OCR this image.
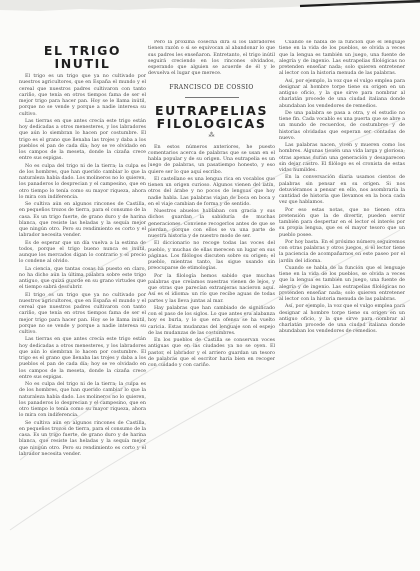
EL TRIGO INUTIL

El trigo es un trigo que ya no cultivado por nuestros agricultores, que en España el mundo y el cereal que nuestros padres cultivaron con tanto cariño, que tenía en otros tiempos fama de ser el mejor trigo para hacer pan. Hoy se le llama inútil, porque no se vende y porque a nadie interesa su cultivo.

Las tierras en que antes crecía este trigo están hoy dedicadas a otros menesteres, y los labradores que aún lo siembran lo hacen por costumbre. El trigo es el grano que llenaba las trojes y daba a los pueblos el pan de cada día; hoy se ve olvidado en los campos de la meseta, donde la cizaña crece entre sus espigas.

No es culpa del trigo ni de la tierra; la culpa es de los hombres, que han querido cambiar lo que la naturaleza había dado. Los molineros no lo quieren, los panaderos lo desprecian y el campesino, que en otro tiempo lo tenía como su mayor riqueza, ahora lo mira con indiferencia.

Se cultiva aún en algunos rincones de Castilla, en pequeños trozos de tierra, para el consumo de la casa. Es un trigo fuerte, de grano duro y de harina blanca, que resiste las heladas y la sequía mejor que ningún otro. Pero su rendimiento es corto y el labrador necesita vender.

Es de esperar que un día vuelva a la estima de todos, porque el trigo bueno nunca es inútil, aunque los mercados digan lo contrario y el precio lo condene al olvido.

La ciencia, que tantas cosas ha puesto en claro, no ha dicho aún la última palabra sobre este trigo antiguo, que quizá guarde en su grano virtudes que el tiempo sabrá descubrir.

El trigo es un trigo que ya no cultivado por nuestros agricultores, que en España el mundo y el cereal que nuestros padres cultivaron con tanto cariño, que tenía en otros tiempos fama de ser el mejor trigo para hacer pan. Hoy se le llama inútil, porque no se vende y porque a nadie interesa su cultivo.

Las tierras en que antes crecía este trigo están hoy dedicadas a otros menesteres, y los labradores que aún lo siembran lo hacen por costumbre. El trigo es el grano que llenaba las trojes y daba a los pueblos el pan de cada día; hoy se ve olvidado en los campos de la meseta, donde la cizaña crece entre sus espigas.

No es culpa del trigo ni de la tierra; la culpa es de los hombres, que han querido cambiar lo que la naturaleza había dado. Los molineros no lo quieren, los panaderos lo desprecian y el campesino, que en otro tiempo lo tenía como su mayor riqueza, ahora lo mira con indiferencia.

Se cultiva aún en algunos rincones de Castilla, en pequeños trozos de tierra, para el consumo de la casa. Es un trigo fuerte, de grano duro y de harina blanca, que resiste las heladas y la sequía mejor que ningún otro. Pero su rendimiento es corto y el labrador necesita vender.

Pero la próxima cosecha dirá si los labradores tienen razón o si se equivocan al abandonar lo que sus padres les enseñaron. Entretanto, el trigo inútil seguirá creciendo en los rincones olvidados, esperando que alguien se acuerde de él y le devuelva el lugar que merece.

FRANCISCO DE COSSIO
EUTRAPELIAS FILOLOGICAS
⁂

En estos números anteriores, he puesto comentarios acerca de palabras que se usan en el habla popular y de su origen. Una eutrapelia es un juego de palabras, un pasatiempo honesto, y eso quiere ser lo que aquí escribo.

El castellano es una lengua rica en vocablos que tienen un origen curioso. Algunos vienen del latín, otros del árabe y no pocos de lenguas que hoy nadie habla. Las palabras viajan de boca en boca y en el viaje cambian de forma y de sentido.

Nuestros abuelos hablaban con gracia y sus dichos guardan la sabiduría de muchas generaciones. Conviene recogerlos antes de que se pierdan, porque con ellos se va una parte de nuestra historia y de nuestro modo de ser.

El diccionario no recoge todas las voces del pueblo, y muchas de ellas merecen un lugar en sus páginas. Los filólogos discuten sobre su origen; el pueblo, mientras tanto, las sigue usando sin preocuparse de etimologías.

Por la filología hemos sabido que muchas palabras que creíamos nuestras vienen de lejos, y que otras que parecían extranjeras nacieron aquí. Así es el idioma: un río que recibe aguas de todas partes y las lleva juntas al mar.

Hay palabras que han cambiado de significado con el paso de los siglos. Lo que antes era alabanza hoy es burla, y lo que era ofensa se ha vuelto caricia. Estas mudanzas del lenguaje son el espejo de las mudanzas de las costumbres.

En los pueblos de Castilla se conservan voces antiguas que en las ciudades ya no se oyen. El pastor, el labrador y el arriero guardan un tesoro de palabras que el escritor haría bien en recoger con cuidado y con cariño.

Cuando se habla de la función que el lenguaje tiene en la vida de los pueblos, se olvida a veces que la lengua es también un juego, una fuente de alegría y de ingenio. Las eutrapelias filológicas no pretenden enseñar nada; solo quieren entretener al lector con la historia menuda de las palabras.

Así, por ejemplo, la voz que el vulgo emplea para designar al hombre torpe tiene su origen en un antiguo oficio, y la que sirve para nombrar al charlatán procede de una ciudad italiana donde abundaban los vendedores de remedios.

De una palabra se pasa a otra, y el estudio no tiene fin. Cada vocablo es una puerta que se abre a un mundo de recuerdos, de costumbres y de historias olvidadas que esperan ser contadas de nuevo.

Las palabras nacen, viven y mueren como los hombres. Algunas tienen una vida larga y gloriosa; otras apenas duran una generación y desaparecen sin dejar rastro. El filólogo es el cronista de estas vidas humildes.

En la conversación diaria usamos cientos de palabras sin pensar en su origen. Si nos detuviéramos a pensar en ello, nos asombraría la cantidad de historia que llevamos en la boca cada vez que hablamos.

Por eso estas notas, que no tienen otra pretensión que la de divertir, pueden servir también para despertar en el lector el interés por su propia lengua, que es el mayor tesoro que un pueblo posee.

Por hoy basta. En el próximo número seguiremos con otras palabras y otros juegos, si el lector tiene la paciencia de acompañarnos en este paseo por el jardín del idioma.

Cuando se habla de la función que el lenguaje tiene en la vida de los pueblos, se olvida a veces que la lengua es también un juego, una fuente de alegría y de ingenio. Las eutrapelias filológicas no pretenden enseñar nada; solo quieren entretener al lector con la historia menuda de las palabras.

Así, por ejemplo, la voz que el vulgo emplea para designar al hombre torpe tiene su origen en un antiguo oficio, y la que sirve para nombrar al charlatán procede de una ciudad italiana donde abundaban los vendedores de remedios.
